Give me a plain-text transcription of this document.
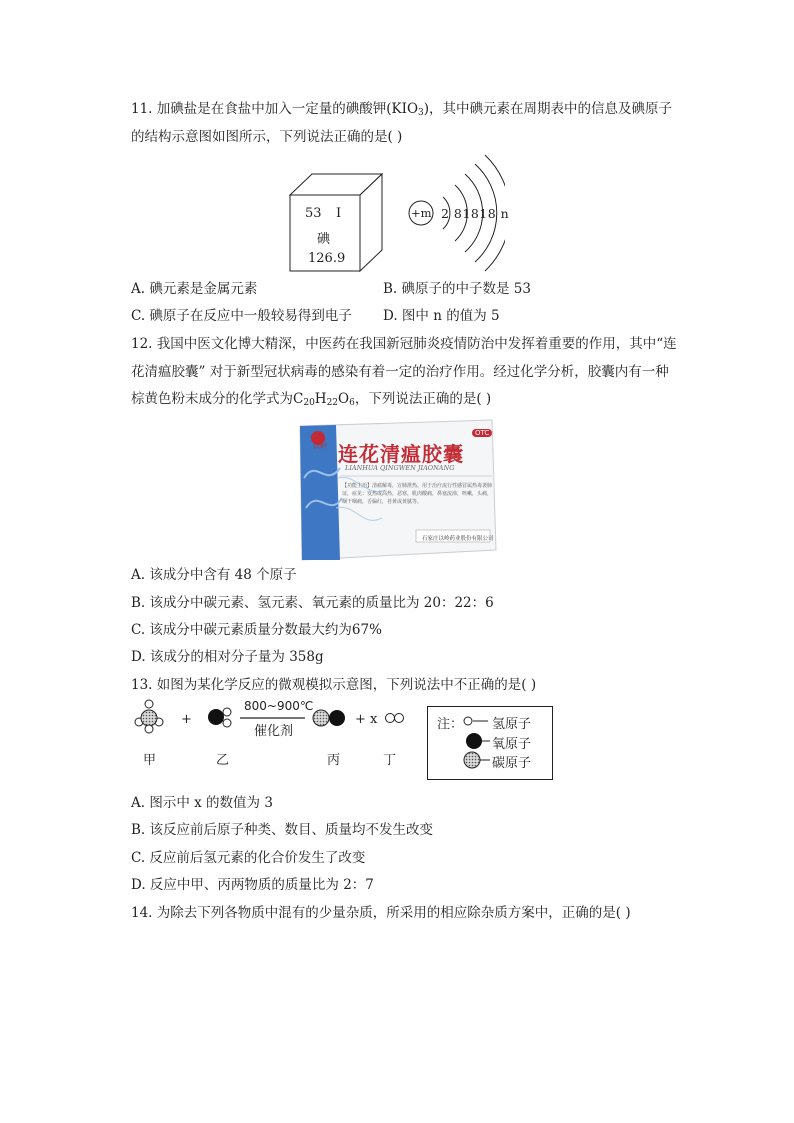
11. 加碘盐是在食盐中加入一定量的碘酸钾$(KIO_3)$，其中碘元素在周期表中的信息及碘原子
的结构示意图如图所示，下列说法正确的是( )
53 I
碘
126.9
+m 2 81818 n
A. 碘元素是金属元素	B. 碘原子的中子数是 53
C. 碘原子在反应中一般较易得到电子 D. 图中 n 的值为 5
12. 我国中医文化博大精深，中医药在我国新冠肺炎疫情防治中发挥着重要的作用，其中“连
花清瘟胶囊” 对于新型冠状病毒的感染有着一定的治疗作用。经过化学分析，胶囊内有一种
棕黄色粉末成分的化学式为$C_{20}H_{22}O_6$，下列说法正确的是( )
以岭
OTC
连花清瘟胶囊
LIANHUA QINGWEN JIAONANG
【功能主治】清瘟解毒，宣肺泄热。用于治疗流行性感冒属热毒袭肺证，症见：发热或高热，恶寒，肌肉酸痛，鼻塞流涕，咳嗽，头痛，咽干咽痛，舌偏红，苔黄或黄腻等。
石家庄以岭药业股份有限公司
A. 该成分中含有 48 个原子
B. 该成分中碳元素、氢元素、氧元素的质量比为 20：22：6
C. 该成分中碳元素质量分数最大约为67%
D. 该成分的相对分子量为 358g
13. 如图为某化学反应的微观模拟示意图，下列说法中不正确的是( )
+
800~900℃
催化剂
+ x
甲	乙	丙	丁
注： 氢原子
氧原子
碳原子
A. 图示中 x 的数值为 3
B. 该反应前后原子种类、数目、质量均不发生改变
C. 反应前后氢元素的化合价发生了改变
D. 反应中甲、丙两物质的质量比为 2：7
14. 为除去下列各物质中混有的少量杂质，所采用的相应除杂质方案中，正确的是( )
